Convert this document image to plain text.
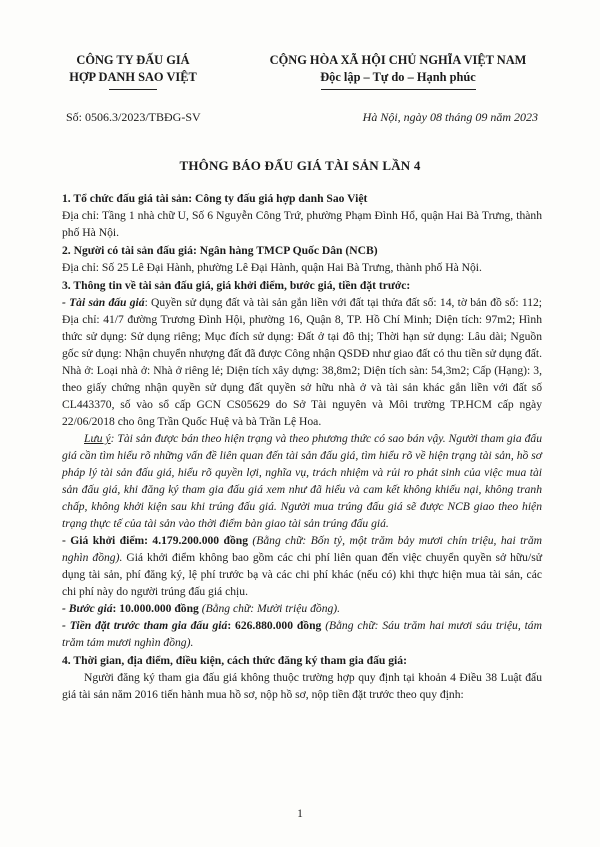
CÔNG TY ĐẤU GIÁ
HỢP DANH SAO VIỆT
CỘNG HÒA XÃ HỘI CHỦ NGHĨA VIỆT NAM
Độc lập – Tự do – Hạnh phúc
Số: 0506.3/2023/TBĐG-SV	Hà Nội, ngày 08 tháng 09 năm 2023
THÔNG BÁO ĐẤU GIÁ TÀI SẢN LẦN 4

1. Tổ chức đấu giá tài sản: Công ty đấu giá hợp danh Sao Việt

Địa chỉ: Tầng 1 nhà chữ U, Số 6 Nguyễn Công Trứ, phường Phạm Đình Hổ, quận Hai Bà Trưng, thành phố Hà Nội.

2. Người có tài sản đấu giá: Ngân hàng TMCP Quốc Dân (NCB)

Địa chỉ: Số 25 Lê Đại Hành, phường Lê Đại Hành, quận Hai Bà Trưng, thành phố Hà Nội.

3. Thông tin về tài sản đấu giá, giá khởi điểm, bước giá, tiền đặt trước:

- Tài sản đấu giá: Quyền sử dụng đất và tài sản gắn liền với đất tại thửa đất số: 14, tờ bản đồ số: 112; Địa chỉ: 41/7 đường Trương Đình Hội, phường 16, Quận 8, TP. Hồ Chí Minh; Diện tích: 97m2; Hình thức sử dụng: Sử dụng riêng; Mục đích sử dụng: Đất ở tại đô thị; Thời hạn sử dụng: Lâu dài; Nguồn gốc sử dụng: Nhận chuyển nhượng đất đã được Công nhận QSDĐ như giao đất có thu tiền sử dụng đất. Nhà ở: Loại nhà ở: Nhà ở riêng lẻ; Diện tích xây dựng: 38,8m2; Diện tích sàn: 54,3m2; Cấp (Hạng): 3, theo giấy chứng nhận quyền sử dụng đất quyền sở hữu nhà ở và tài sản khác gắn liền với đất số CL443370, số vào sổ cấp GCN CS05629 do Sở Tài nguyên và Môi trường TP.HCM cấp ngày 22/06/2018 cho ông Trần Quốc Huệ và bà Trần Lệ Hoa.

Lưu ý: Tài sản được bán theo hiện trạng và theo phương thức có sao bán vậy. Người tham gia đấu giá cần tìm hiểu rõ những vấn đề liên quan đến tài sản đấu giá, tìm hiểu rõ về hiện trạng tài sản, hồ sơ pháp lý tài sản đấu giá, hiểu rõ quyền lợi, nghĩa vụ, trách nhiệm và rủi ro phát sinh của việc mua tài sản đấu giá, khi đăng ký tham gia đấu giá xem như đã hiểu và cam kết không khiếu nại, không tranh chấp, không khởi kiện sau khi trúng đấu giá. Người mua trúng đấu giá sẽ được NCB giao theo hiện trạng thực tế của tài sản vào thời điểm bàn giao tài sản trúng đấu giá.

- Giá khởi điểm: 4.179.200.000 đồng (Bằng chữ: Bốn tỷ, một trăm bảy mươi chín triệu, hai trăm nghìn đồng). Giá khởi điểm không bao gồm các chi phí liên quan đến việc chuyển quyền sở hữu/sử dụng tài sản, phí đăng ký, lệ phí trước bạ và các chi phí khác (nếu có) khi thực hiện mua tài sản, các chi phí này do người trúng đấu giá chịu.

- Bước giá: 10.000.000 đồng (Bằng chữ: Mười triệu đồng).

- Tiền đặt trước tham gia đấu giá: 626.880.000 đồng (Bằng chữ: Sáu trăm hai mươi sáu triệu, tám trăm tám mươi nghìn đồng).

4. Thời gian, địa điểm, điều kiện, cách thức đăng ký tham gia đấu giá:

Người đăng ký tham gia đấu giá không thuộc trường hợp quy định tại khoản 4 Điều 38 Luật đấu giá tài sản năm 2016 tiến hành mua hồ sơ, nộp hồ sơ, nộp tiền đặt trước theo quy định:

1
